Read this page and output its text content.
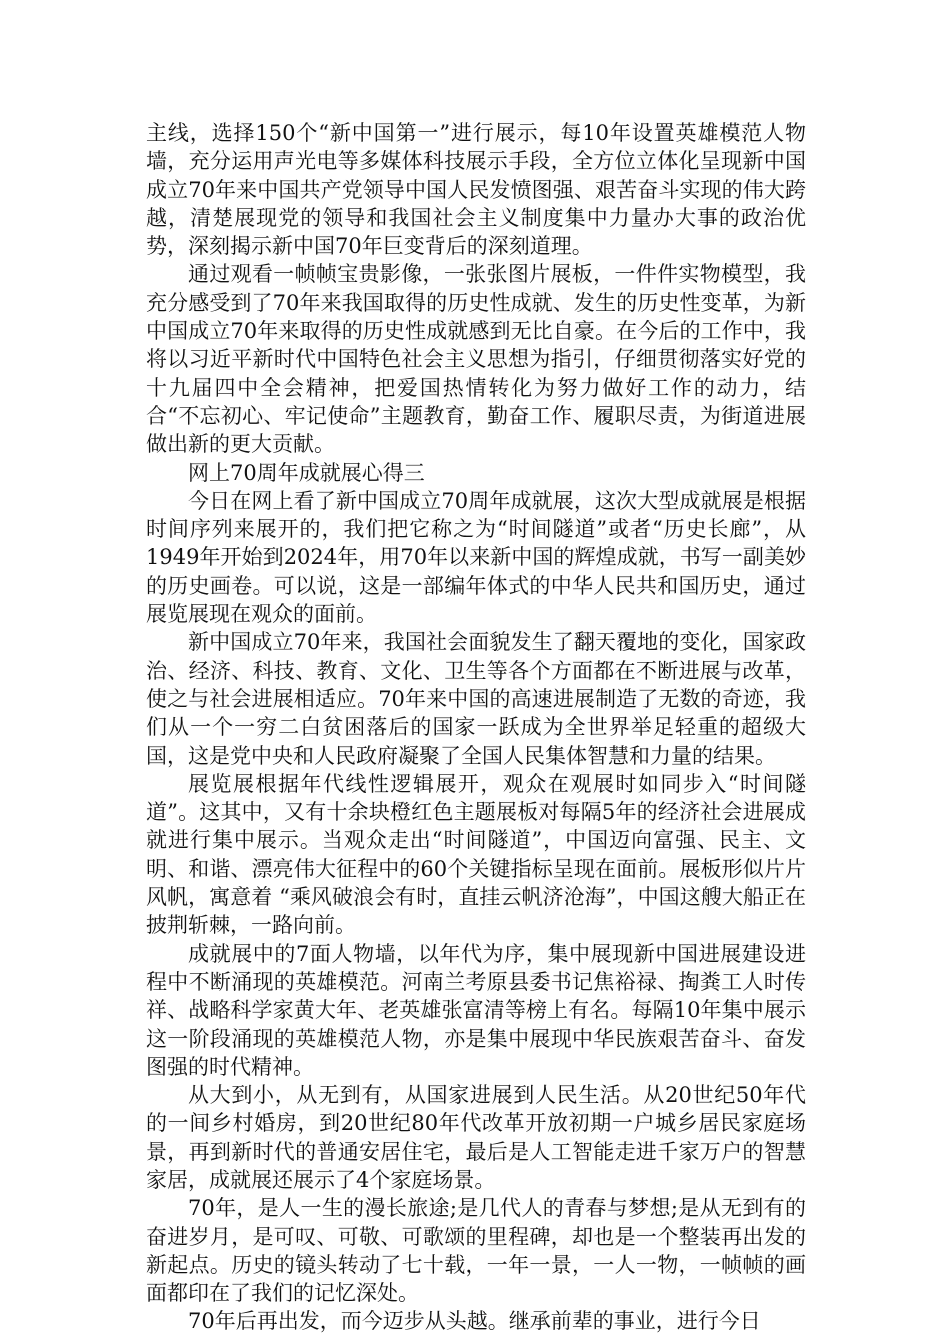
主线，选择150个“新中国第一”进行展示，每10年设置英雄模范人物墙，充分运用声光电等多媒体科技展示手段，全方位立体化呈现新中国成立70年来中国共产党领导中国人民发愤图强、艰苦奋斗实现的伟大跨越，清楚展现党的领导和我国社会主义制度集中力量办大事的政治优势，深刻揭示新中国70年巨变背后的深刻道理。

通过观看一帧帧宝贵影像，一张张图片展板，一件件实物模型，我充分感受到了70年来我国取得的历史性成就、发生的历史性变革，为新中国成立70年来取得的历史性成就感到无比自豪。在今后的工作中，我将以习近平新时代中国特色社会主义思想为指引，仔细贯彻落实好党的十九届四中全会精神，把爱国热情转化为努力做好工作的动力，结合“不忘初心、牢记使命”主题教育，勤奋工作、履职尽责，为街道进展做出新的更大贡献。

网上70周年成就展心得三

今日在网上看了新中国成立70周年成就展，这次大型成就展是根据时间序列来展开的，我们把它称之为“时间隧道”或者“历史长廊”，从1949年开始到2024年，用70年以来新中国的辉煌成就，书写一副美妙的历史画卷。可以说，这是一部编年体式的中华人民共和国历史，通过展览展现在观众的面前。

新中国成立70年来，我国社会面貌发生了翻天覆地的变化，国家政治、经济、科技、教育、文化、卫生等各个方面都在不断进展与改革，使之与社会进展相适应。70年来中国的高速进展制造了无数的奇迹，我们从一个一穷二白贫困落后的国家一跃成为全世界举足轻重的超级大国，这是党中央和人民政府凝聚了全国人民集体智慧和力量的结果。

展览展根据年代线性逻辑展开，观众在观展时如同步入“时间隧道”。这其中，又有十余块橙红色主题展板对每隔5年的经济社会进展成就进行集中展示。当观众走出“时间隧道”，中国迈向富强、民主、文明、和谐、漂亮伟大征程中的60个关键指标呈现在面前。展板形似片片风帆，寓意着 “乘风破浪会有时，直挂云帆济沧海”，中国这艘大船正在披荆斩棘，一路向前。

成就展中的7面人物墙，以年代为序，集中展现新中国进展建设进程中不断涌现的英雄模范。河南兰考原县委书记焦裕禄、掏粪工人时传祥、战略科学家黄大年、老英雄张富清等榜上有名。每隔10年集中展示这一阶段涌现的英雄模范人物，亦是集中展现中华民族艰苦奋斗、奋发图强的时代精神。

从大到小，从无到有，从国家进展到人民生活。从20世纪50年代的一间乡村婚房，到20世纪80年代改革开放初期一户城乡居民家庭场景，再到新时代的普通安居住宅，最后是人工智能走进千家万户的智慧家居，成就展还展示了4个家庭场景。

70年，是人一生的漫长旅途;是几代人的青春与梦想;是从无到有的奋进岁月，是可叹、可敬、可歌颂的里程碑，却也是一个整装再出发的新起点。历史的镜头转动了七十载，一年一景，一人一物，一帧帧的画面都印在了我们的记忆深处。

70年后再出发，而今迈步从头越。继承前辈的事业，进行今日
